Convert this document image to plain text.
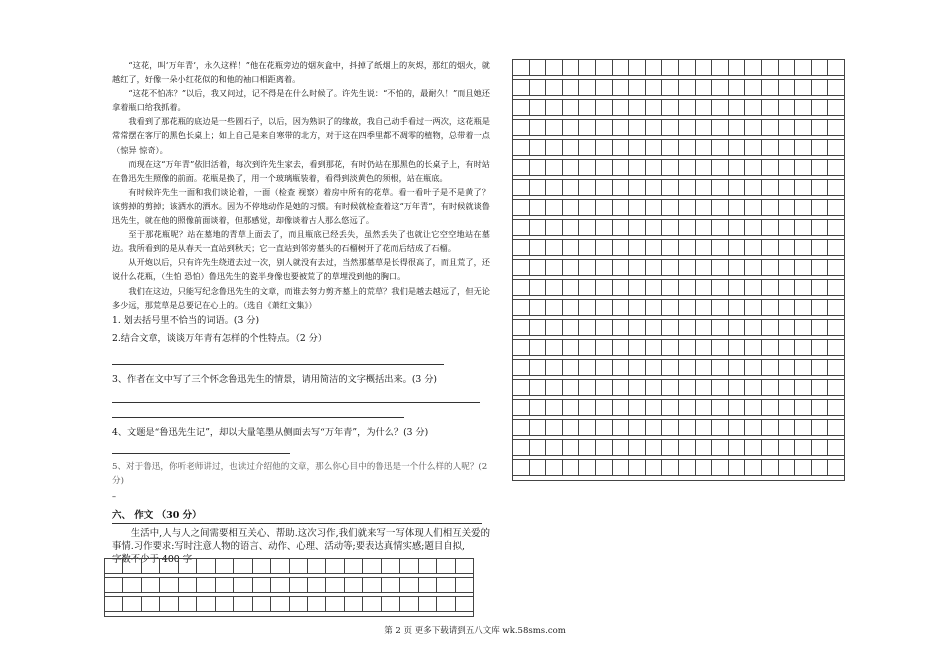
“这花，叫‘万年青’，永久这样！”他在花瓶旁边的烟灰盒中，抖掉了纸烟上的灰烬，那红的烟火，就越红了，好像一朵小红花似的和他的袖口相距离着。

“这花不怕冻？”以后，我又问过，记不得是在什么时候了。许先生说：“不怕的，最耐久！”而且她还拿着瓶口给我抓着。

我看到了那花瓶的底边是一些圆石子，以后，因为熟识了的缘故，我自己动手看过一两次，这花瓶是常常摆在客厅的黑色长桌上；如上自己是来自寒带的北方，对于这在四季里都不凋零的植物，总带着一点（惊异 惊奇）。

而现在这“万年青”依旧活着，每次到许先生家去，看到那花，有时仍站在那黑色的长桌子上，有时站在鲁迅先生照像的前面。花瓶是换了，用一个玻璃瓶装着，看得到淡黄色的须根，站在瓶底。

有时候许先生一面和我们谈论着，一面（检查 视察）着房中所有的花草。看一看叶子是不是黄了？该剪掉的剪掉；该洒水的洒水。因为不停地动作是她的习惯。有时候就检查着这“万年青”，有时候就谈鲁迅先生，就在他的照像前面谈着，但那感觉，却像谈着古人那么悠远了。

至于那花瓶呢？站在墓地的青草上面去了，而且瓶底已经丢失，虽然丢失了也就让它空空地站在墓边。我所看到的是从春天一直站到秋天；它一直站到邻旁墓头的石榴树开了花而后结成了石榴。

从开炮以后，只有许先生绕道去过一次，别人就没有去过，当然那墓草是长得很高了，而且荒了，还说什么花瓶，（生怕 恐怕）鲁迅先生的瓷半身像也要被荒了的草埋没到他的胸口。

我们在这边，只能写纪念鲁迅先生的文章，而谁去努力剪齐墓上的荒草？我们是越去越远了，但无论多少远，那荒草是总要记在心上的。（选自《萧红文集》）

1. 划去括号里不恰当的词语。(3 分)

2.结合文章，谈谈万年青有怎样的个性特点。（2 分）

3、作者在文中写了三个怀念鲁迅先生的情景，请用简洁的文字概括出来。(3 分)

4、文题是“鲁迅先生记”，却以大量笔墨从侧面去写“万年青”，为什么？(3 分)

5、对于鲁迅，你听老师讲过，也读过介绍他的文章，那么你心目中的鲁迅是一个什么样的人呢？(2 分)

–
六、 作文 （30 分）

生活中,人与人之间需要相互关心、帮助.这次习作,我们就来写一写体现人们相互关爱的事情.习作要求:写时注意人物的语言、动作、心理、活动等;要表达真情实感;题目自拟,

字数不少于 400 字
第 2 页 更多下载请到五八文库 wk.58sms.com
